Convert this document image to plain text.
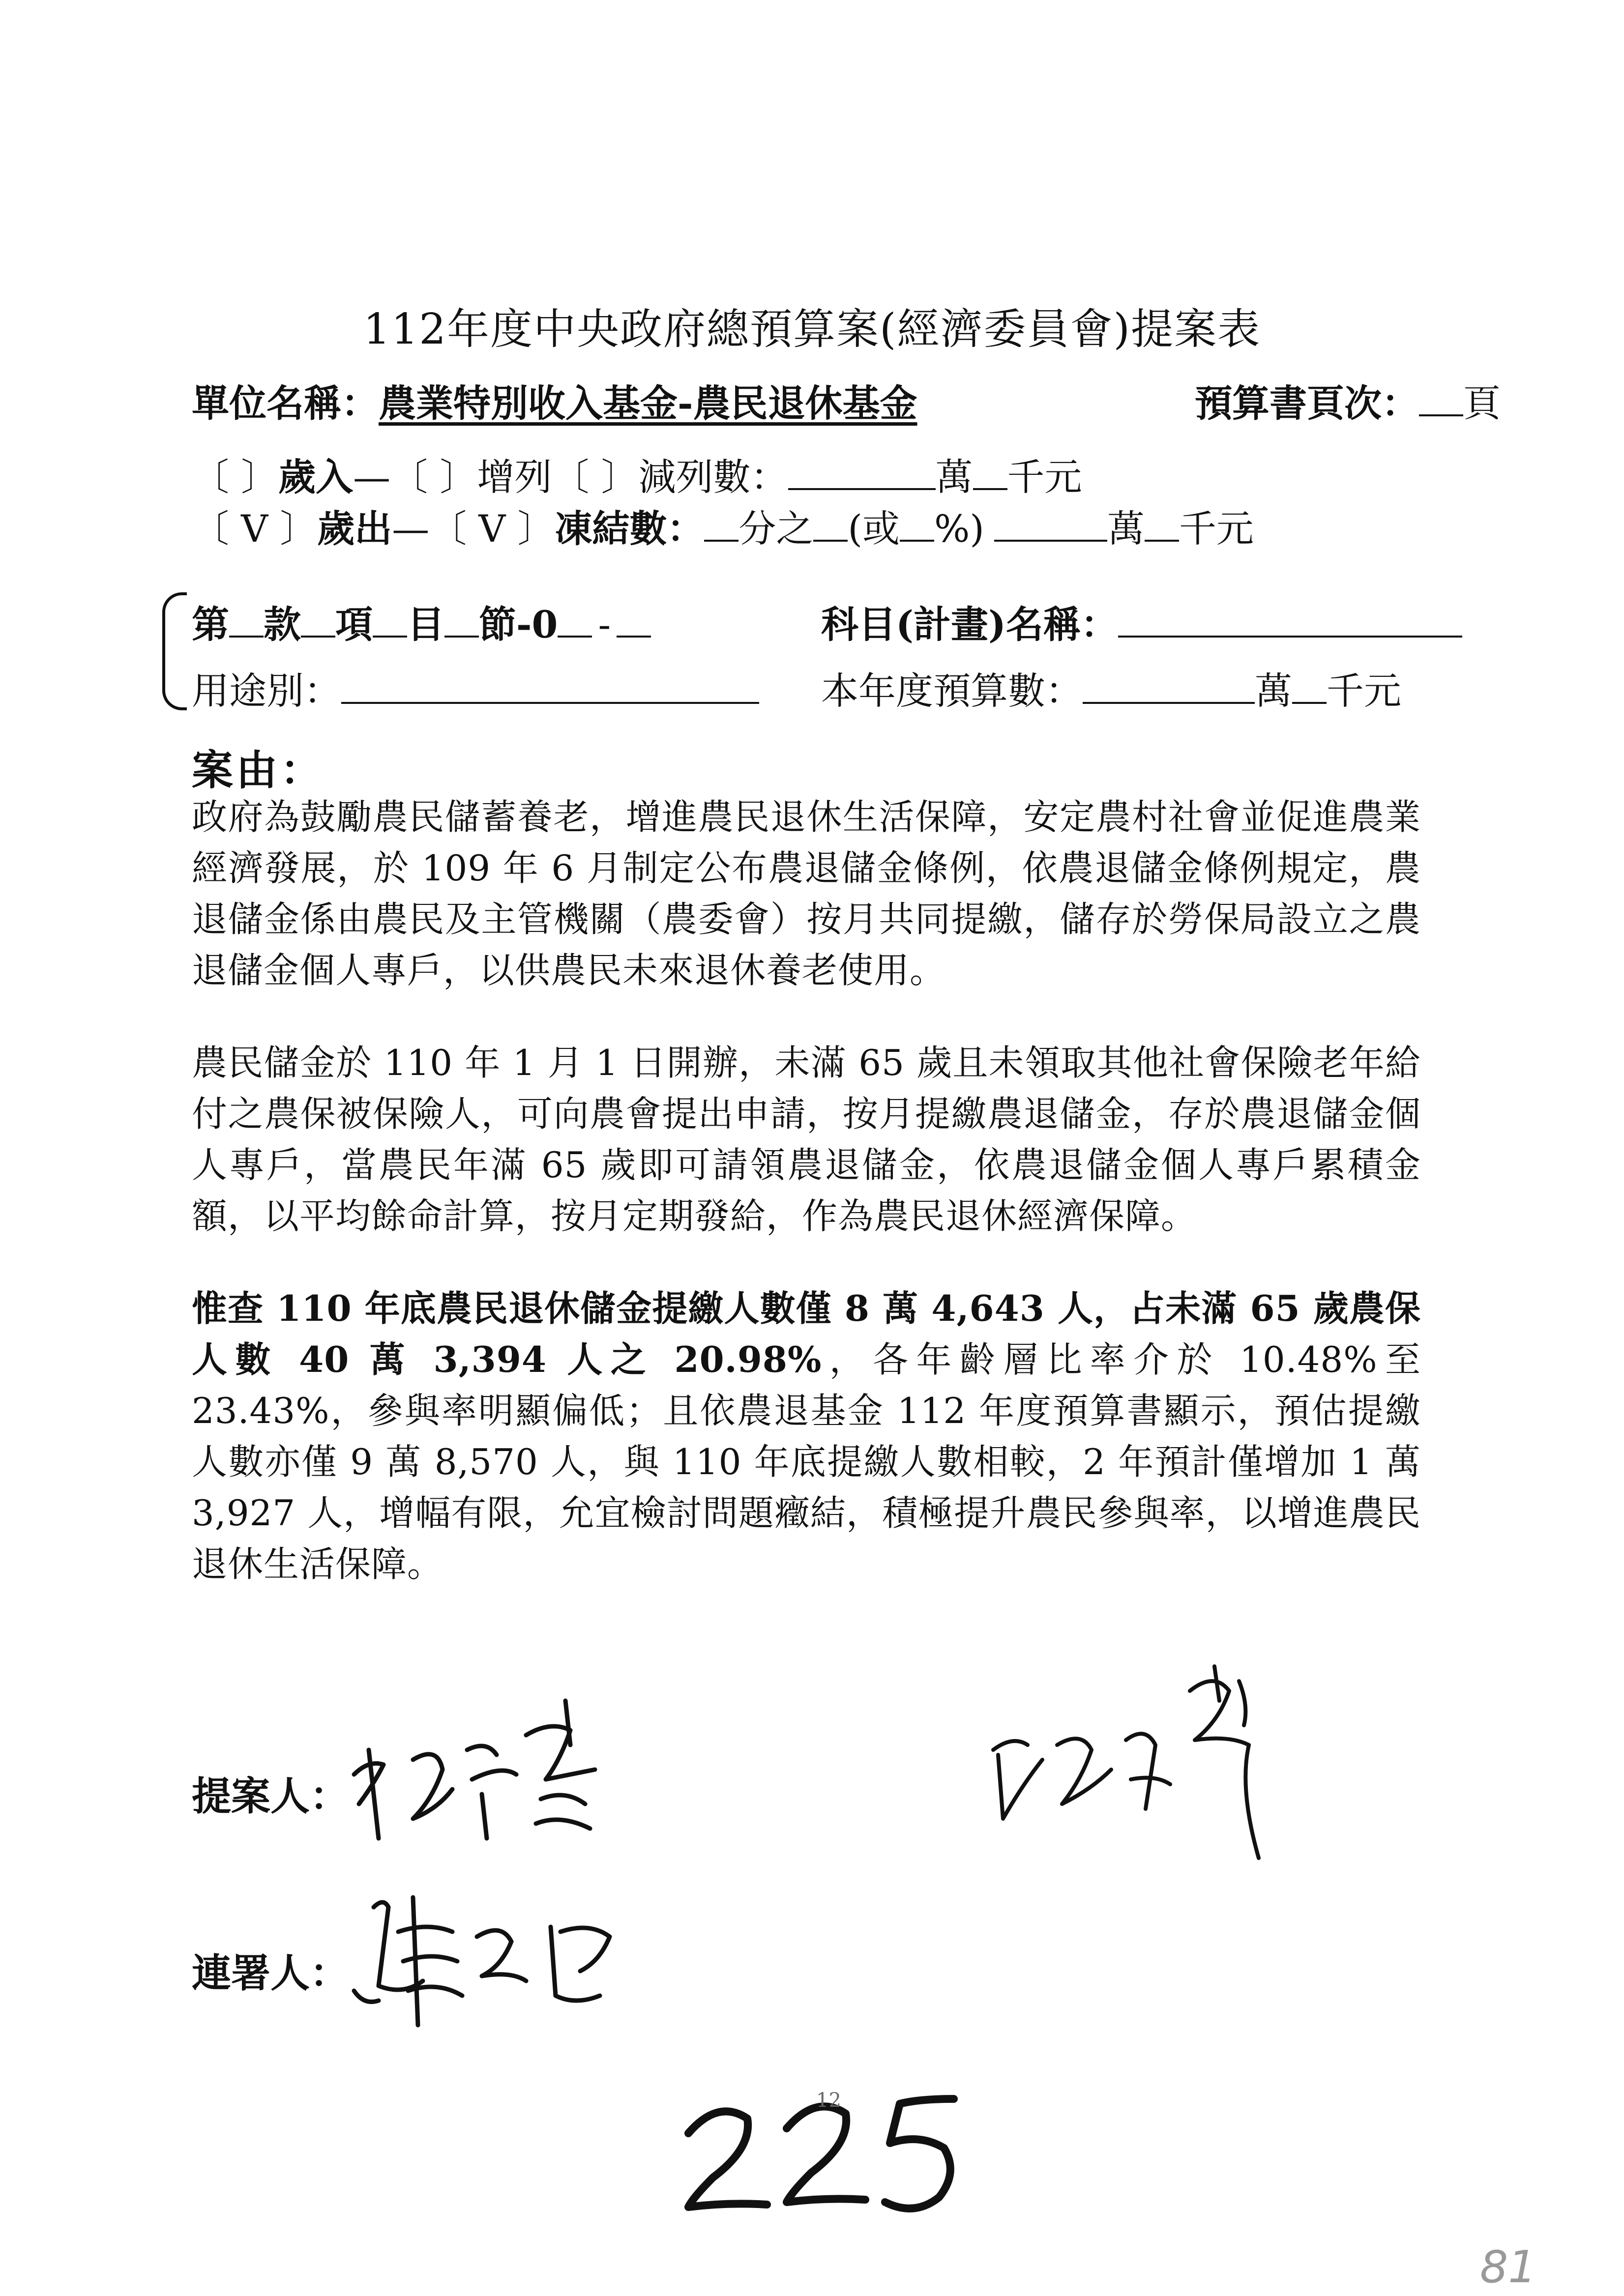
112年度中央政府總預算案(經濟委員會)提案表
單位名稱：農業特別收入基金-農民退休基金	預算書頁次： 頁
〔 〕歲入—〔 〕增列〔 〕減列數：	萬 千元
〔 V 〕歲出—〔 V 〕凍結數： 分之 (或 %)	萬 千元
第 款 項 目 節-0 -	科目(計畫)名稱：
用途別：	本年度預算數：	萬 千元
案由：
政府為鼓勵農民儲蓄養老，增進農民退休生活保障，安定農村社會並促進農業經濟發展，於 109 年 6 月制定公布農退儲金條例，依農退儲金條例規定，農退儲金係由農民及主管機關（農委會）按月共同提繳，儲存於勞保局設立之農退儲金個人專戶，以供農民未來退休養老使用。
農民儲金於 110 年 1 月 1 日開辦，未滿 65 歲且未領取其他社會保險老年給付之農保被保險人，可向農會提出申請，按月提繳農退儲金，存於農退儲金個人專戶，當農民年滿 65 歲即可請領農退儲金，依農退儲金個人專戶累積金額，以平均餘命計算，按月定期發給，作為農民退休經濟保障。
惟查 110 年底農民退休儲金提繳人數僅 8 萬 4,643 人，占未滿 65 歲農保人數 40 萬 3,394 人之 20.98%，各年齡層比率介於 10.48%至 23.43%，參與率明顯偏低；且依農退基金 112 年度預算書顯示，預估提繳人數亦僅 9 萬 8,570 人，與 110 年底提繳人數相較，2 年預計僅增加 1 萬 3,927 人，增幅有限，允宜檢討問題癥結，積極提升農民參與率，以增進農民退休生活保障。
提案人：
連署人：
12
81
